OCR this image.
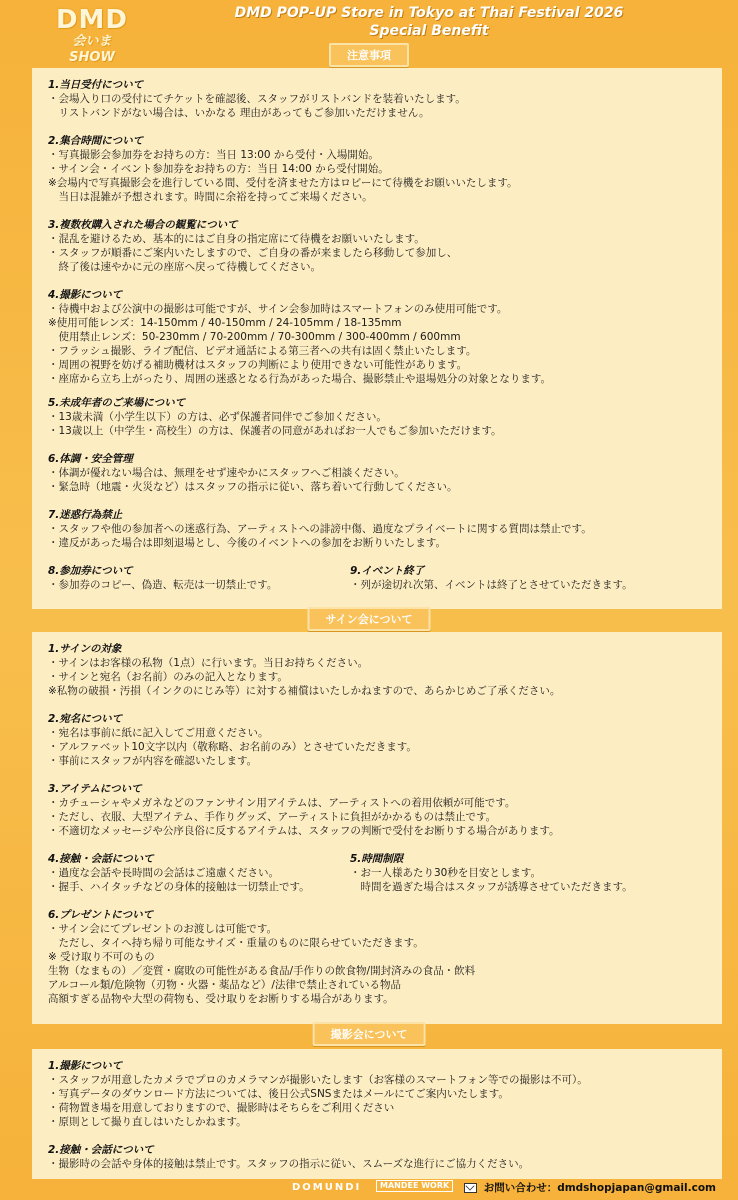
DMD
会いまSHOW
DMD POP-UP Store in Tokyo at Thai Festival 2026
Special Benefit
注意事項
1.当日受付について
・会場入り口の受付にてチケットを確認後、スタッフがリストバンドを装着いたします。
　リストバンドがない場合は、いかなる 理由があってもご参加いただけません。
2.集合時間について
・写真撮影会参加券をお持ちの方：当日 13:00 から受付・入場開始。
・サイン会・イベント参加券をお持ちの方：当日 14:00 から受付開始。
※会場内で写真撮影会を進行している間、受付を済ませた方はロビーにて待機をお願いいたします。
　当日は混雑が予想されます。時間に余裕を持ってご来場ください。
3.複数枚購入された場合の観覧について
・混乱を避けるため、基本的にはご自身の指定席にて待機をお願いいたします。
・スタッフが順番にご案内いたしますので、ご自身の番が来ましたら移動して参加し、
　終了後は速やかに元の座席へ戻って待機してください。
4.撮影について
・待機中および公演中の撮影は可能ですが、サイン会参加時はスマートフォンのみ使用可能です。
※使用可能レンズ：14-150mm / 40-150mm / 24-105mm / 18-135mm
　使用禁止レンズ：50-230mm / 70-200mm / 70-300mm / 300-400mm / 600mm
・フラッシュ撮影、ライブ配信、ビデオ通話による第三者への共有は固く禁止いたします。
・周囲の視野を妨げる補助機材はスタッフの判断により使用できない可能性があります。
・座席から立ち上がったり、周囲の迷惑となる行為があった場合、撮影禁止や退場処分の対象となります。
5.未成年者のご来場について
・13歳未満（小学生以下）の方は、必ず保護者同伴でご参加ください。
・13歳以上（中学生・高校生）の方は、保護者の同意があればお一人でもご参加いただけます。
6.体調・安全管理
・体調が優れない場合は、無理をせず速やかにスタッフへご相談ください。
・緊急時（地震・火災など）はスタッフの指示に従い、落ち着いて行動してください。
7.迷惑行為禁止
・スタッフや他の参加者への迷惑行為、アーティストへの誹謗中傷、過度なプライベートに関する質問は禁止です。
・違反があった場合は即刻退場とし、今後のイベントへの参加をお断りいたします。
8.参加券について
・参加券のコピー、偽造、転売は一切禁止です。
9.イベント終了
・列が途切れ次第、イベントは終了とさせていただきます。
サイン会について
1.サインの対象
・サインはお客様の私物（1点）に行います。当日お持ちください。
・サインと宛名（お名前）のみの記入となります。
※私物の破損・汚損（インクのにじみ等）に対する補償はいたしかねますので、あらかじめご了承ください。
2.宛名について
・宛名は事前に紙に記入してご用意ください。
・アルファベット10文字以内（敬称略、お名前のみ）とさせていただきます。
・事前にスタッフが内容を確認いたします。
3.アイテムについて
・カチューシャやメガネなどのファンサイン用アイテムは、アーティストへの着用依頼が可能です。
・ただし、衣服、大型アイテム、手作りグッズ、アーティストに負担がかかるものは禁止です。
・不適切なメッセージや公序良俗に反するアイテムは、スタッフの判断で受付をお断りする場合があります。
4.接触・会話について
・過度な会話や長時間の会話はご遠慮ください。
・握手、ハイタッチなどの身体的接触は一切禁止です。
5.時間制限
・お一人様あたり30秒を目安とします。
　時間を過ぎた場合はスタッフが誘導させていただきます。
6.プレゼントについて
・サイン会にてプレゼントのお渡しは可能です。
　ただし、タイへ持ち帰り可能なサイズ・重量のものに限らせていただきます。
※ 受け取り不可のもの
生物（なまもの）／変質・腐敗の可能性がある食品/手作りの飲食物/開封済みの食品・飲料
アルコール類/危険物（刃物・火器・薬品など）/法律で禁止されている物品
高額すぎる品物や大型の荷物も、受け取りをお断りする場合があります。
撮影会について
1.撮影について
・スタッフが用意したカメラでプロのカメラマンが撮影いたします（お客様のスマートフォン等での撮影は不可）。
・写真データのダウンロード方法については、後日公式SNSまたはメールにてご案内いたします。
・荷物置き場を用意しておりますので、撮影時はそちらをご利用ください
・原則として撮り直しはいたしかねます。
2.接触・会話について
・撮影時の会話や身体的接触は禁止です。スタッフの指示に従い、スムーズな進行にご協力ください。
DOMUNDI	MANDEE WORK	お問い合わせ：dmdshopjapan@gmail.com
